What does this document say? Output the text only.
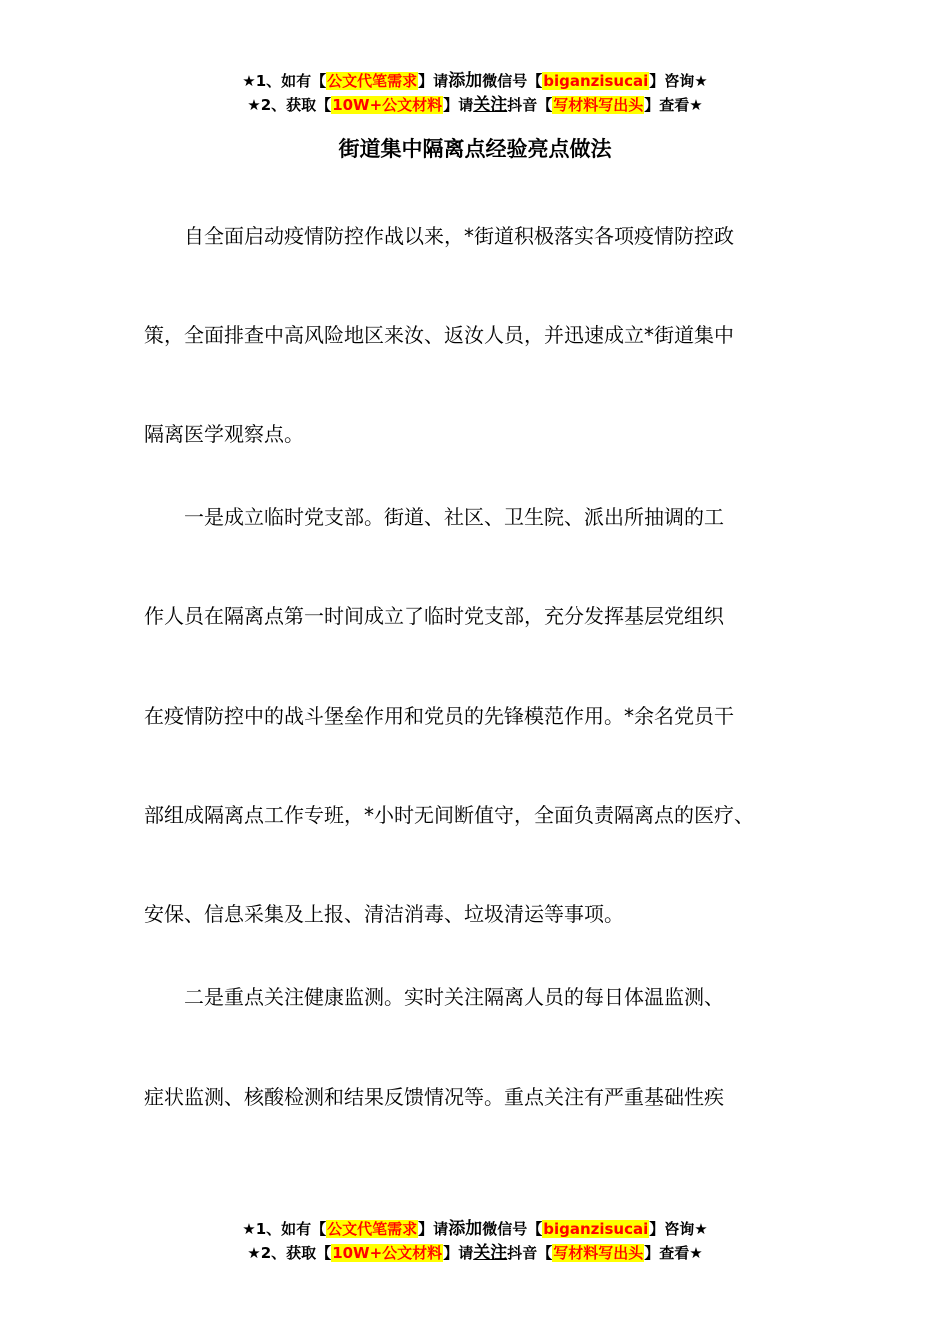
★1、如有【公文代笔需求】请添加微信号【biganzisucai】咨询★
★2、获取【10W+公文材料】请关注抖音【写材料写出头】查看★
街道集中隔离点经验亮点做法

　　自全面启动疫情防控作战以来，*街道积极落实各项疫情防控政

策，全面排查中高风险地区来汝、返汝人员，并迅速成立*街道集中

隔离医学观察点。

　　一是成立临时党支部。街道、社区、卫生院、派出所抽调的工

作人员在隔离点第一时间成立了临时党支部，充分发挥基层党组织

在疫情防控中的战斗堡垒作用和党员的先锋模范作用。*余名党员干

部组成隔离点工作专班，*小时无间断值守，全面负责隔离点的医疗、

安保、信息采集及上报、清洁消毒、垃圾清运等事项。

　　二是重点关注健康监测。实时关注隔离人员的每日体温监测、

症状监测、核酸检测和结果反馈情况等。重点关注有严重基础性疾

★1、如有【公文代笔需求】请添加微信号【biganzisucai】咨询★
★2、获取【10W+公文材料】请关注抖音【写材料写出头】查看★
